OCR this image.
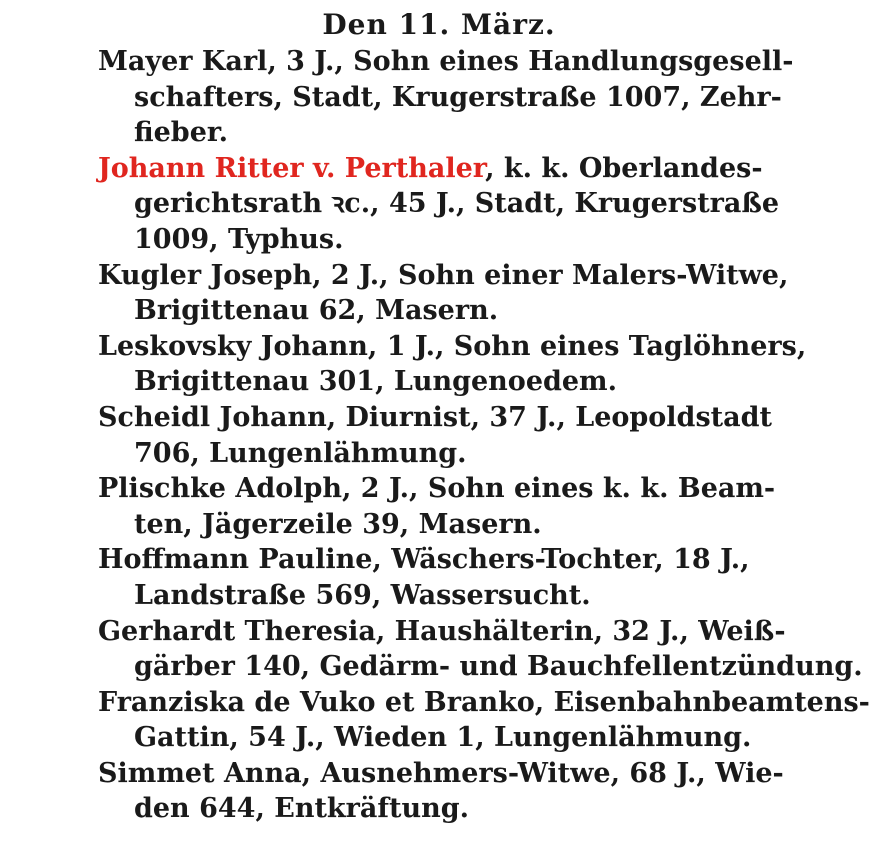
Den 11. März.
Mayer Karl, 3 J., Sohn eines Handlungsgesell-
schafters, Stadt, Krugerstraße 1007, Zehr-
fieber.
Johann Ritter v. Perthaler, k. k. Oberlandes-
gerichtsrath ꝛc., 45 J., Stadt, Krugerstraße
1009, Typhus.
Kugler Joseph, 2 J., Sohn einer Malers-Witwe,
Brigittenau 62, Masern.
Leskovsky Johann, 1 J., Sohn eines Taglöhners,
Brigittenau 301, Lungenoedem.
Scheidl Johann, Diurnist, 37 J., Leopoldstadt
706, Lungenlähmung.
Plischke Adolph, 2 J., Sohn eines k. k. Beam-
ten, Jägerzeile 39, Masern.
Hoffmann Pauline, Wäschers-Tochter, 18 J.,
Landstraße 569, Wassersucht.
Gerhardt Theresia, Haushälterin, 32 J., Weiß-
gärber 140, Gedärm- und Bauchfellentzündung.
Franziska de Vuko et Branko, Eisenbahnbeamtens-
Gattin, 54 J., Wieden 1, Lungenlähmung.
Simmet Anna, Ausnehmers-Witwe, 68 J., Wie-
den 644, Entkräftung.
